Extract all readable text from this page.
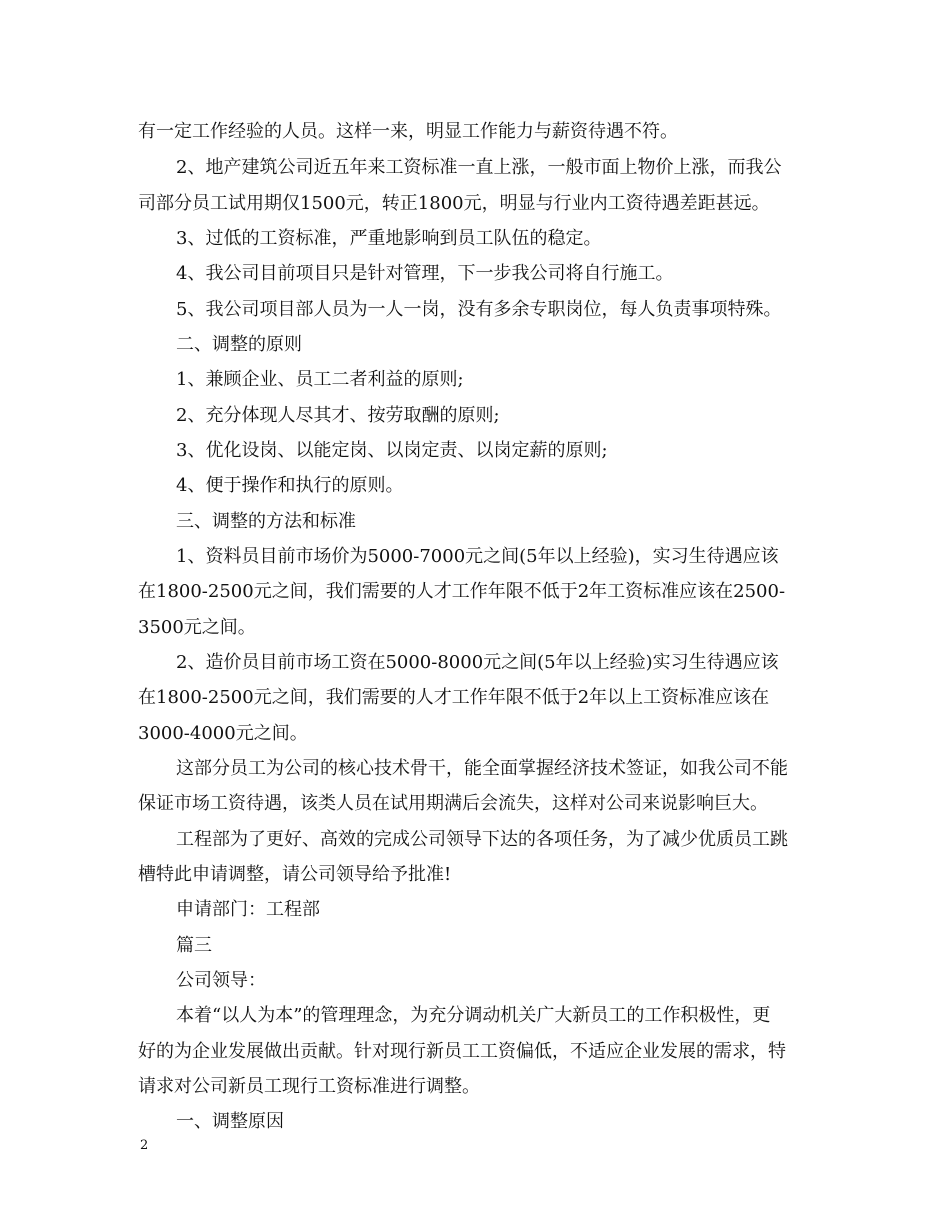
有一定工作经验的人员。这样一来，明显工作能力与薪资待遇不符。
2、地产建筑公司近五年来工资标准一直上涨，一般市面上物价上涨，而我公
司部分员工试用期仅1500元，转正1800元，明显与行业内工资待遇差距甚远。
3、过低的工资标准，严重地影响到员工队伍的稳定。
4、我公司目前项目只是针对管理，下一步我公司将自行施工。
5、我公司项目部人员为一人一岗，没有多余专职岗位，每人负责事项特殊。
二、调整的原则
1、兼顾企业、员工二者利益的原则;
2、充分体现人尽其才、按劳取酬的原则;
3、优化设岗、以能定岗、以岗定责、以岗定薪的原则;
4、便于操作和执行的原则。
三、调整的方法和标准
1、资料员目前市场价为5000-7000元之间(5年以上经验)，实习生待遇应该
在1800-2500元之间，我们需要的人才工作年限不低于2年工资标准应该在2500-
3500元之间。
2、造价员目前市场工资在5000-8000元之间(5年以上经验)实习生待遇应该
在1800-2500元之间，我们需要的人才工作年限不低于2年以上工资标准应该在
3000-4000元之间。
这部分员工为公司的核心技术骨干，能全面掌握经济技术签证，如我公司不能
保证市场工资待遇，该类人员在试用期满后会流失，这样对公司来说影响巨大。
工程部为了更好、高效的完成公司领导下达的各项任务，为了减少优质员工跳
槽特此申请调整，请公司领导给予批准!
申请部门：工程部
篇三
公司领导：
本着“以人为本”的管理理念，为充分调动机关广大新员工的工作积极性，更
好的为企业发展做出贡献。针对现行新员工工资偏低，不适应企业发展的需求，特
请求对公司新员工现行工资标准进行调整。
一、调整原因
2
